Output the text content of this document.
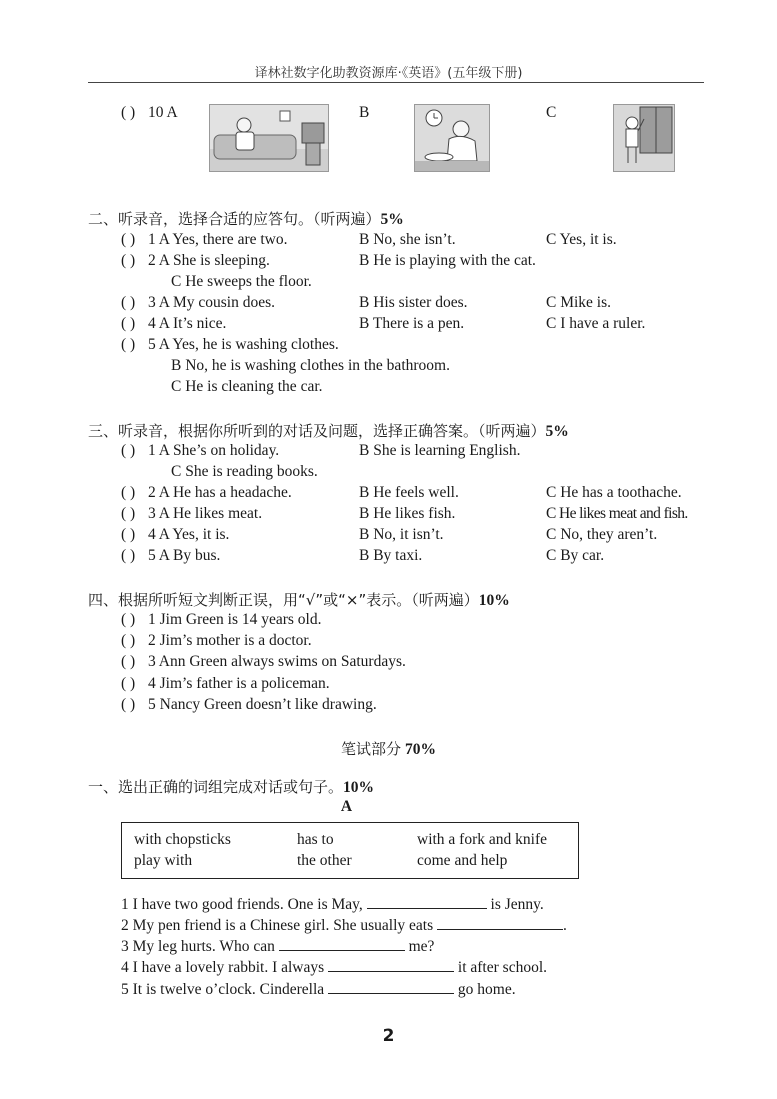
译林社数字化助教资源库·《英语》(五年级下册)
( ) 10 A	B	C
二、听录音，选择合适的应答句。（听两遍）5%
( ) 1 A Yes, there are two.	B No, she isn’t.	C Yes, it is.
( ) 2 A She is sleeping.	B He is playing with the cat.
C He sweeps the floor.
( ) 3 A My cousin does.	B His sister does.	C Mike is.
( ) 4 A It’s nice.	B There is a pen.	C I have a ruler.
( ) 5 A Yes, he is washing clothes.
B No, he is washing clothes in the bathroom.
C He is cleaning the car.
三、听录音，根据你所听到的对话及问题，选择正确答案。（听两遍）5%
( ) 1 A She’s on holiday.	B She is learning English.
C She is reading books.
( ) 2 A He has a headache.	B He feels well.	C He has a toothache.
( ) 3 A He likes meat.	B He likes fish.	C He likes meat and fish.
( ) 4 A Yes, it is.	B No, it isn’t.	C No, they aren’t.
( ) 5 A By bus.	B By taxi.	C By car.
四、根据所听短文判断正误，用“√”或“×”表示。（听两遍）10%
( ) 1 Jim Green is 14 years old.
( ) 2 Jim’s mother is a doctor.
( ) 3 Ann Green always swims on Saturdays.
( ) 4 Jim’s father is a policeman.
( ) 5 Nancy Green doesn’t like drawing.
笔试部分 70%
一、选出正确的词组完成对话或句子。10%
A
with chopsticks	has to	with a fork and knife
play with	the other	come and help
1 I have two good friends. One is May,	is Jenny.
2 My pen friend is a Chinese girl. She usually eats	.
3 My leg hurts. Who can	me?
4 I have a lovely rabbit. I always	it after school.
5 It is twelve o’clock. Cinderella	go home.
2
